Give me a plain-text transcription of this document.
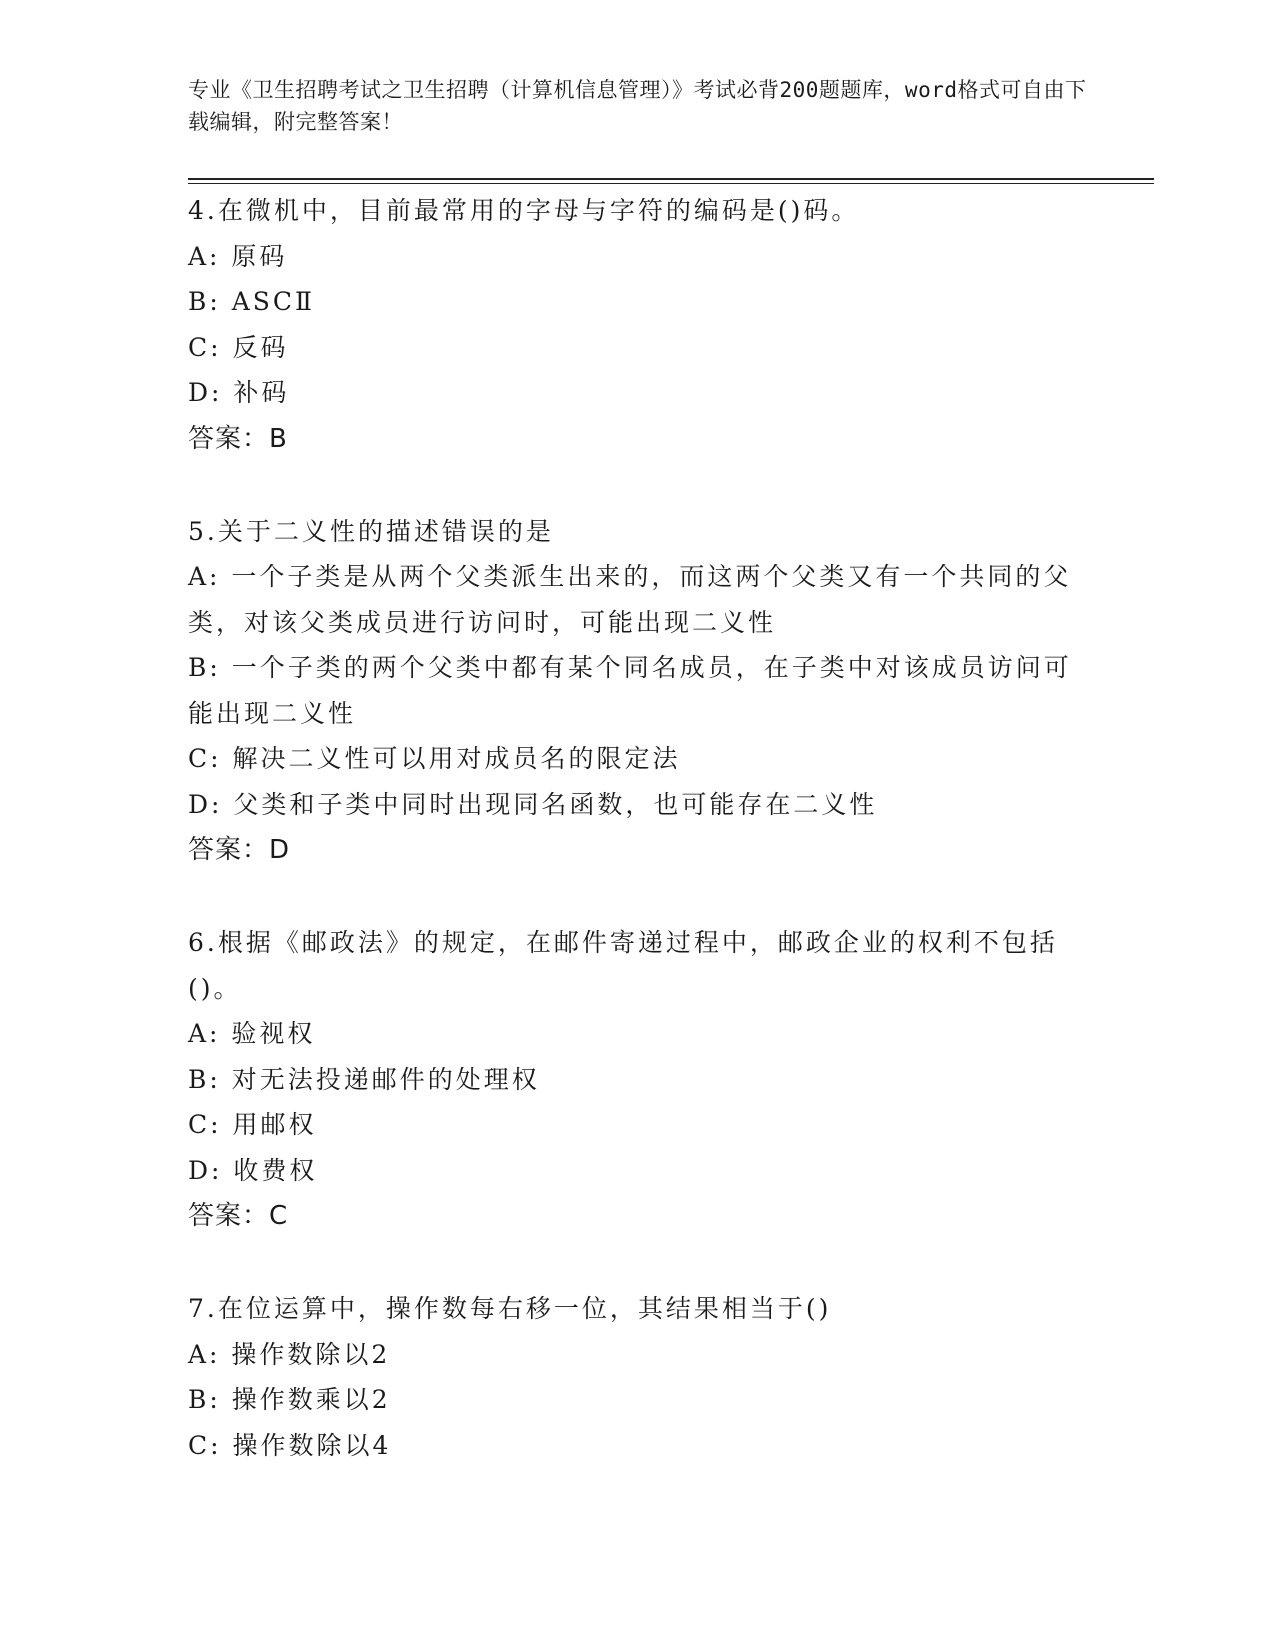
专业《卫生招聘考试之卫生招聘（计算机信息管理）》考试必背200题题库，word格式可自由下载编辑，附完整答案！
4.在微机中，目前最常用的字母与字符的编码是()码。
A: 原码
B: ASCⅡ
C: 反码
D: 补码
答案：B
5.关于二义性的描述错误的是
A: 一个子类是从两个父类派生出来的，而这两个父类又有一个共同的父类，对该父类成员进行访问时，可能出现二义性
B: 一个子类的两个父类中都有某个同名成员，在子类中对该成员访问可能出现二义性
C: 解决二义性可以用对成员名的限定法
D: 父类和子类中同时出现同名函数，也可能存在二义性
答案：D
6.根据《邮政法》的规定，在邮件寄递过程中，邮政企业的权利不包括()。
A: 验视权
B: 对无法投递邮件的处理权
C: 用邮权
D: 收费权
答案：C
7.在位运算中，操作数每右移一位，其结果相当于()
A: 操作数除以2
B: 操作数乘以2
C: 操作数除以4
